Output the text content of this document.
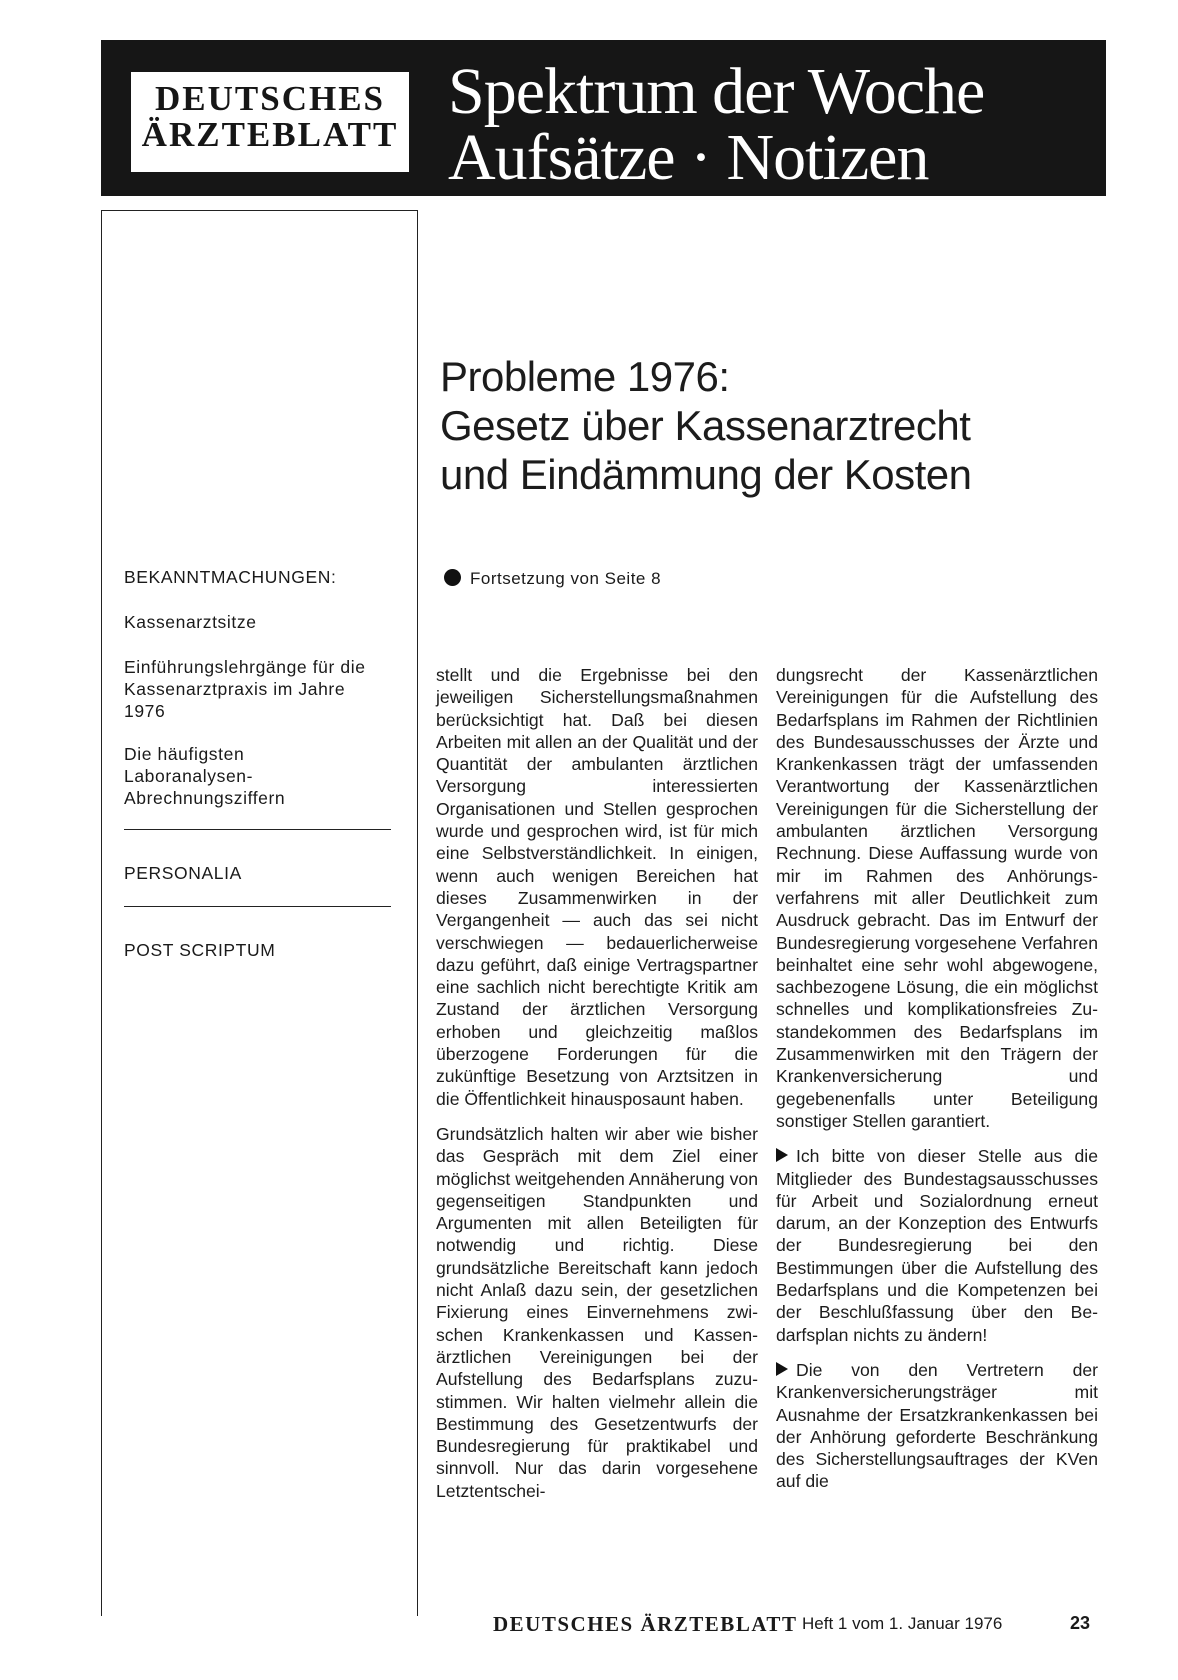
DEUTSCHES
ÄRZTEBLATT
Spektrum der Woche
Aufsätze · Notizen
BEKANNTMACHUNGEN:
Kassenarztsitze
Einführungslehrgänge für die Kassenarztpraxis im Jahre 1976
Die häufigsten Laboranalysen-Abrechnungsziffern
PERSONALIA
POST SCRIPTUM
Probleme 1976:
Gesetz über Kassenarztrecht
und Eindämmung der Kosten
Fortsetzung von Seite 8

stellt und die Ergebnisse bei den jeweiligen Sicherstellungsmaßnahmen berücksichtigt hat. Daß bei diesen Arbeiten mit allen an der Qualität und der Quantität der ambulanten ärztlichen Versorgung interessierten Organisationen und Stellen gesprochen wurde und gesprochen wird, ist für mich eine Selbstverständlichkeit. In einigen, wenn auch wenigen Bereichen hat dieses Zusammenwirken in der Vergangenheit — auch das sei nicht verschwiegen — bedauerlicherweise dazu geführt, daß einige Vertragspartner eine sachlich nicht berechtigte Kritik am Zustand der ärztlichen Versorgung erhoben und gleichzeitig maßlos überzogene Forderungen für die zukünftige Besetzung von Arztsitzen in die Öffentlichkeit hinausposaunt haben.

Grundsätzlich halten wir aber wie bisher das Gespräch mit dem Ziel einer möglichst weitgehenden Annäherung von gegenseitigen Standpunkten und Argumenten mit allen Beteiligten für notwendig und richtig. Diese grundsätzliche Bereitschaft kann jedoch nicht Anlaß dazu sein, der gesetzlichen Fixierung eines Einvernehmens zwischen Krankenkassen und Kassenärztlichen Vereinigungen bei der Aufstellung des Bedarfsplans zuzustimmen. Wir halten vielmehr allein die Bestimmung des Gesetzentwurfs der Bundesregierung für praktikabel und sinnvoll. Nur das darin vorgesehene Letztentschei-

dungsrecht der Kassenärztlichen Vereinigungen für die Aufstellung des Bedarfsplans im Rahmen der Richtlinien des Bundesausschusses der Ärzte und Krankenkassen trägt der umfassenden Verantwortung der Kassenärztlichen Vereinigungen für die Sicherstellung der ambulanten ärztlichen Versorgung Rechnung. Diese Auffassung wurde von mir im Rahmen des Anhörungsverfahrens mit aller Deutlichkeit zum Ausdruck gebracht. Das im Entwurf der Bundesregierung vorgesehene Verfahren beinhaltet eine sehr wohl abgewogene, sachbezogene Lösung, die ein möglichst schnelles und komplikationsfreies Zustandekommen des Bedarfsplans im Zusammenwirken mit den Trägern der Krankenversicherung und gegebenenfalls unter Beteiligung sonstiger Stellen garantiert.

Ich bitte von dieser Stelle aus die Mitglieder des Bundestagsausschusses für Arbeit und Sozialordnung erneut darum, an der Konzeption des Entwurfs der Bundesregierung bei den Bestimmungen über die Aufstellung des Bedarfsplans und die Kompetenzen bei der Beschlußfassung über den Bedarfsplan nichts zu ändern!

Die von den Vertretern der Krankenversicherungsträger mit Ausnahme der Ersatzkrankenkassen bei der Anhörung geforderte Beschränkung des Sicherstellungsauftrages der KVen auf die

DEUTSCHES ÄRZTEBLATT Heft 1 vom 1. Januar 1976	23
